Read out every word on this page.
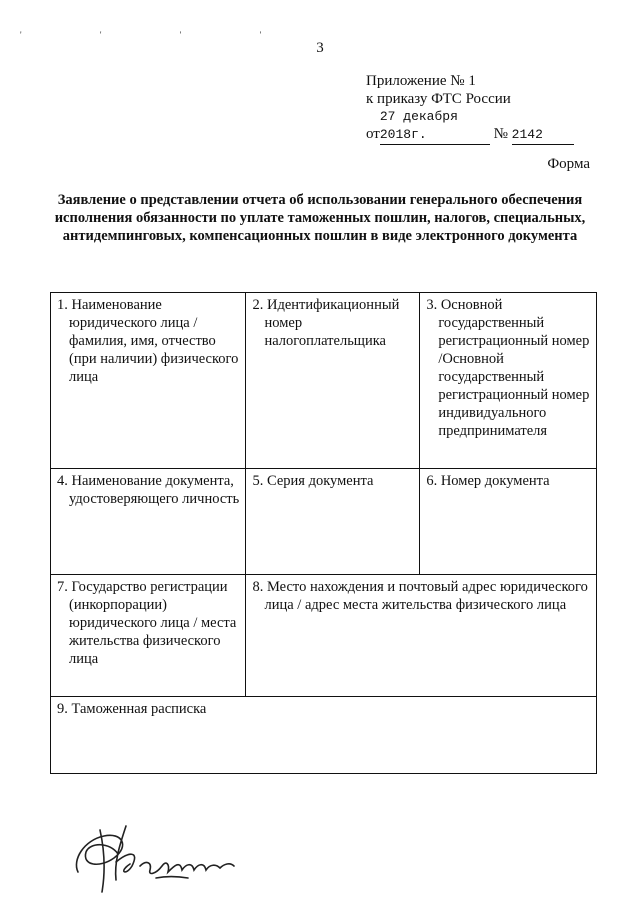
' ' ' '
3
Приложение № 1
к приказу ФТС России
от27 декабря 2018г.	№ 2142
Форма
Заявление о представлении отчета об использовании генерального обеспечения исполнения обязанности по уплате таможенных пошлин, налогов, специальных, антидемпинговых, компенсационных пошлин в виде электронного документа
1. Наименование юридического лица / фамилия, имя, отчество (при наличии) физического лица	2. Идентификационный номер налогоплательщика	3. Основной государственный регистрационный номер /Основной государственный регистрационный номер индивидуального предпринимателя

4. Наименование документа, удостоверяющего личность	5. Серия документа	6. Номер документа

7. Государство регистрации (инкорпорации) юридического лица / места жительства физического лица	8. Место нахождения и почтовый адрес юридического лица / адрес места жительства физического лица	

9. Таможенная расписка		
